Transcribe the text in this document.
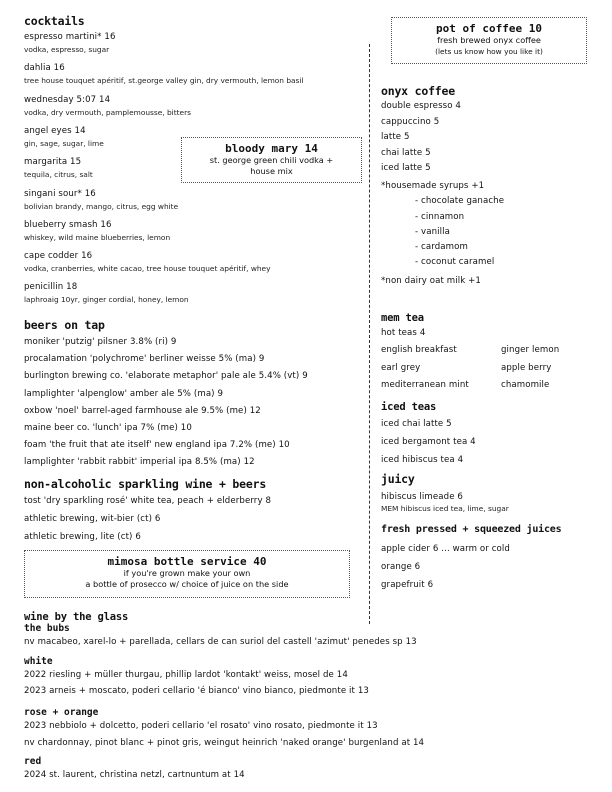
cocktails
espresso martini* 16
vodka, espresso, sugar
dahlia 16
tree house touquet apéritif, st.george valley gin, dry vermouth, lemon basil
wednesday 5:07 14
vodka, dry vermouth, pamplemousse, bitters
angel eyes 14
gin, sage, sugar, lime
margarita 15
tequila, citrus, salt
singani sour* 16
bolivian brandy, mango, citrus, egg white
blueberry smash 16
whiskey, wild maine blueberries, lemon
cape codder 16
vodka, cranberries, white cacao, tree house touquet apéritif, whey
penicillin 18
laphroaig 10yr, ginger cordial, honey, lemon
bloody mary 14
st. george green chili vodka +
house mix
beers on tap
moniker 'putzig' pilsner 3.8% (ri) 9
procalamation 'polychrome' berliner weisse 5% (ma) 9
burlington brewing co. 'elaborate metaphor' pale ale 5.4% (vt) 9
lamplighter 'alpenglow' amber ale 5% (ma) 9
oxbow 'noel' barrel-aged farmhouse ale 9.5% (me) 12
maine beer co. 'lunch' ipa 7% (me) 10
foam 'the fruit that ate itself' new england ipa 7.2% (me) 10
lamplighter 'rabbit rabbit' imperial ipa 8.5% (ma) 12
non-alcoholic sparkling wine + beers
tost 'dry sparkling rosé' white tea, peach + elderberry 8
athletic brewing, wit-bier (ct) 6
athletic brewing, lite (ct) 6
mimosa bottle service 40
if you're grown make your own
a bottle of prosecco w/ choice of juice on the side
wine by the glass
the bubs
nv macabeo, xarel-lo + parellada, cellars de can suriol del castell 'azimut' penedes sp 13
white
2022 riesling + müller thurgau, phillip lardot 'kontakt' weiss, mosel de 14
2023 arneis + moscato, poderi cellario 'é bianco' vino bianco, piedmonte it 13
rose + orange
2023 nebbiolo + dolcetto, poderi cellario 'el rosato' vino rosato, piedmonte it 13
nv chardonnay, pinot blanc + pinot gris, weingut heinrich 'naked orange' burgenland at 14
red
2024 st. laurent, christina netzl, cartnuntum at 14
pot of coffee 10
fresh brewed onyx coffee
(lets us know how you like it)
onyx coffee
double espresso 4
cappuccino 5
latte 5
chai latte 5
iced latte 5
*housemade syrups +1
- chocolate ganache
- cinnamon
- vanilla
- cardamom
- coconut caramel
*non dairy oat milk +1
mem tea
hot teas 4
english breakfast
earl grey
mediterranean mint
ginger lemon
apple berry
chamomile
iced teas
iced chai latte 5
iced bergamont tea 4
iced hibiscus tea 4
juicy
hibiscus limeade 6
MEM hibiscus iced tea, lime, sugar
fresh pressed + squeezed juices
apple cider 6 ... warm or cold
orange 6
grapefruit 6
